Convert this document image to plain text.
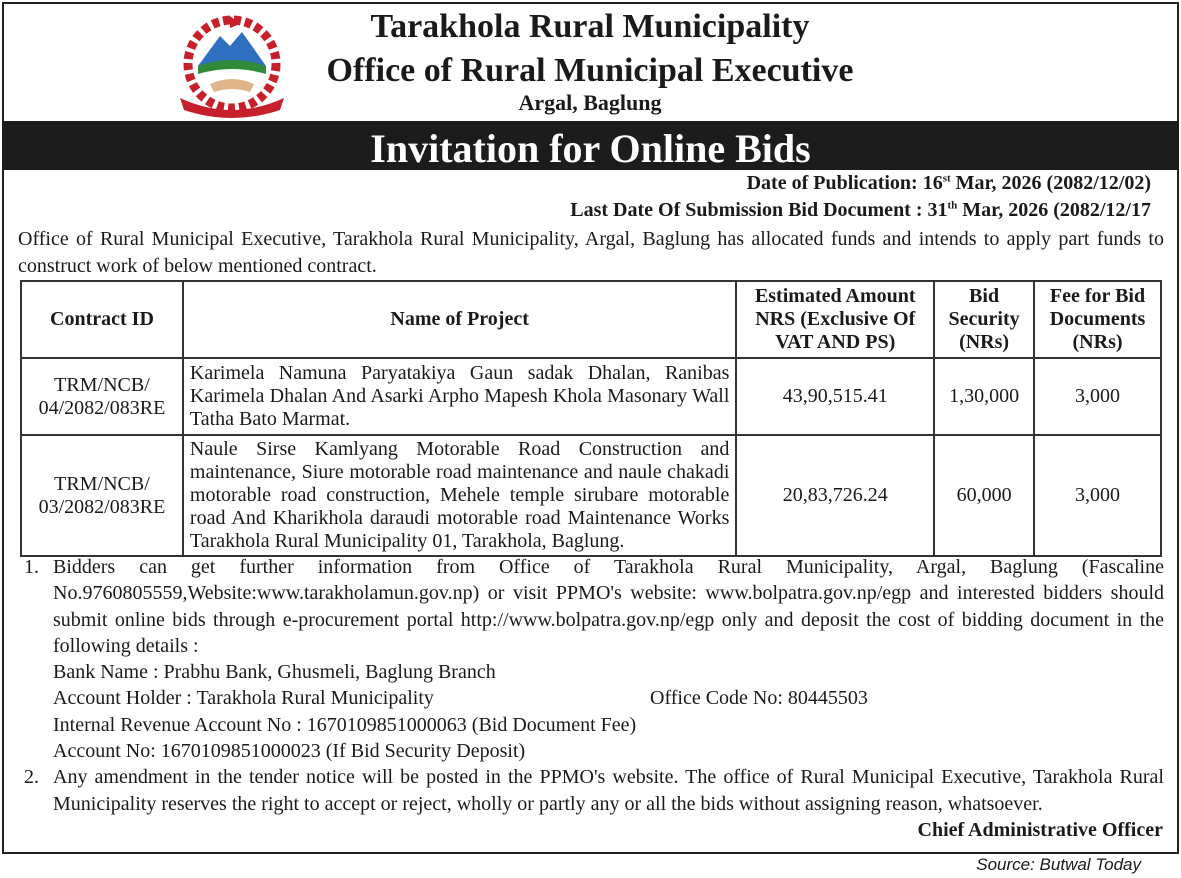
Tarakhola Rural Municipality
Office of Rural Municipal Executive
Argal, Baglung
Invitation for Online Bids
Date of Publication: 16st Mar, 2026 (2082/12/02)
Last Date Of Submission Bid Document : 31th Mar, 2026 (2082/12/17
Office of Rural Municipal Executive, Tarakhola Rural Municipality, Argal, Baglung has allocated funds and intends to apply part funds to construct work of below mentioned contract.
Contract ID	Name of Project	Estimated Amount NRS (Exclusive Of VAT AND PS)	Bid Security (NRs)	Fee for Bid Documents (NRs)
TRM/NCB/ 04/2082/083RE	Karimela Namuna Paryatakiya Gaun sadak Dhalan, Ranibas Karimela Dhalan And Asarki Arpho Mapesh Khola Masonary Wall Tatha Bato Marmat.	43,90,515.41	1,30,000	3,000
TRM/NCB/ 03/2082/083RE	Naule Sirse Kamlyang Motorable Road Construction and maintenance, Siure motorable road maintenance and naule chakadi motorable road construction, Mehele temple sirubare motorable road And Kharikhola daraudi motorable road Maintenance Works Tarakhola Rural Municipality 01, Tarakhola, Baglung.	20,83,726.24	60,000	3,000
1. Bidders can get further information from Office of Tarakhola Rural Municipality, Argal, Baglung (Fascaline No.9760805559,Website:www.tarakholamun.gov.np) or visit PPMO's website: www.bolpatra.gov.np/egp and interested bidders should submit online bids through e-procurement portal http://www.bolpatra.gov.np/egp only and deposit the cost of bidding document in the following details :
Bank Name : Prabhu Bank, Ghusmeli, Baglung Branch
Account Holder : Tarakhola Rural Municipality	Office Code No: 80445503
Internal Revenue Account No : 1670109851000063 (Bid Document Fee)
Account No: 1670109851000023 (If Bid Security Deposit)
2. Any amendment in the tender notice will be posted in the PPMO's website. The office of Rural Municipal Executive, Tarakhola Rural Municipality reserves the right to accept or reject, wholly or partly any or all the bids without assigning reason, whatsoever.
Chief Administrative Officer
Source: Butwal Today
